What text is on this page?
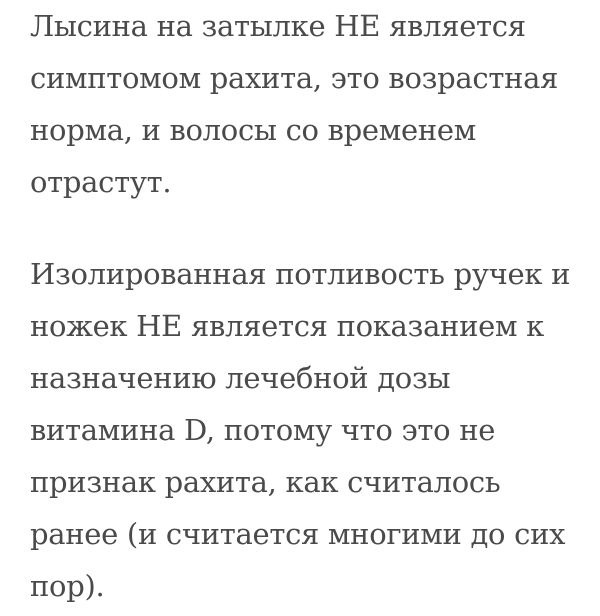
Лысина на затылке НЕ является
симптомом рахита, это возрастная
норма, и волосы со временем
отрастут.

Изолированная потливость ручек и
ножек НЕ является показанием к
назначению лечебной дозы
витамина D, потому что это не
признак рахита, как считалось
ранее (и считается многими до сих
пор).
